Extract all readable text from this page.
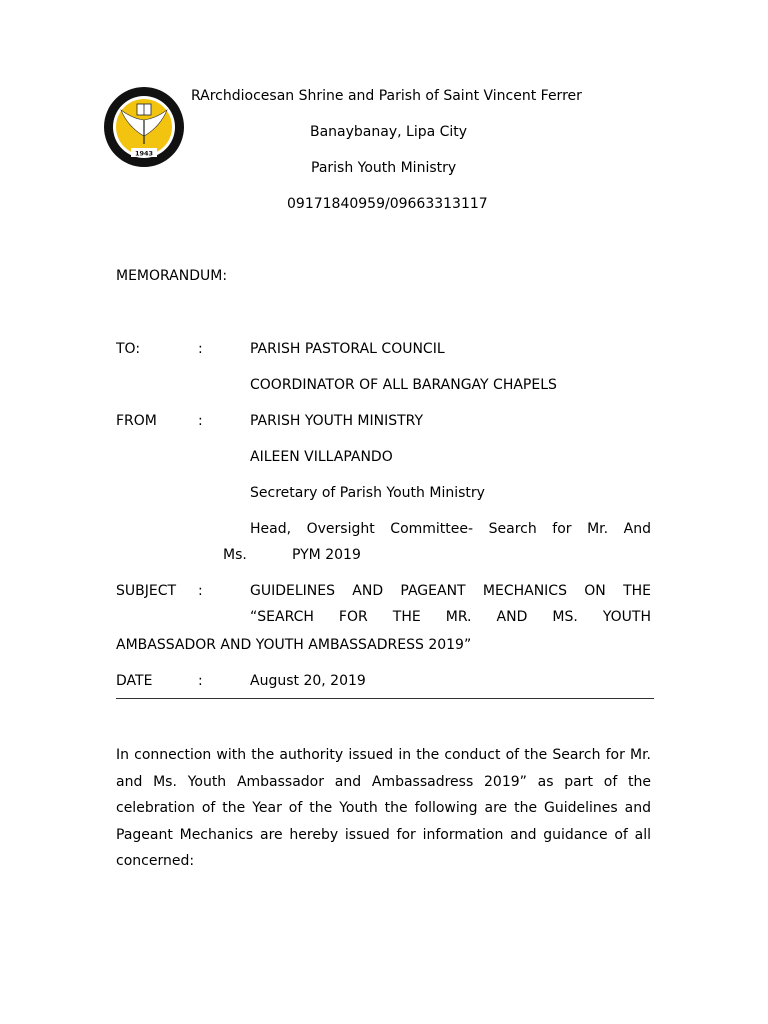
1943
RArchdiocesan Shrine and Parish of Saint Vincent Ferrer
Banaybanay, Lipa City
Parish Youth Ministry
09171840959/09663313117
MEMORANDUM:
TO:	:	PARISH PASTORAL COUNCIL
COORDINATOR OF ALL BARANGAY CHAPELS
FROM	:	PARISH YOUTH MINISTRY
AILEEN VILLAPANDO
Secretary of Parish Youth Ministry
Head, Oversight Committee- Search for Mr. And
Ms.	PYM 2019
SUBJECT :	GUIDELINES AND PAGEANT MECHANICS ON THE
“SEARCH FOR THE MR. AND MS. YOUTH
AMBASSADOR AND YOUTH AMBASSADRESS 2019”
DATE	:	August 20, 2019
In connection with the authority issued in the conduct of the Search for Mr.
and Ms. Youth Ambassador and Ambassadress 2019” as part of the
celebration of the Year of the Youth the following are the Guidelines and
Pageant Mechanics are hereby issued for information and guidance of all
concerned:
